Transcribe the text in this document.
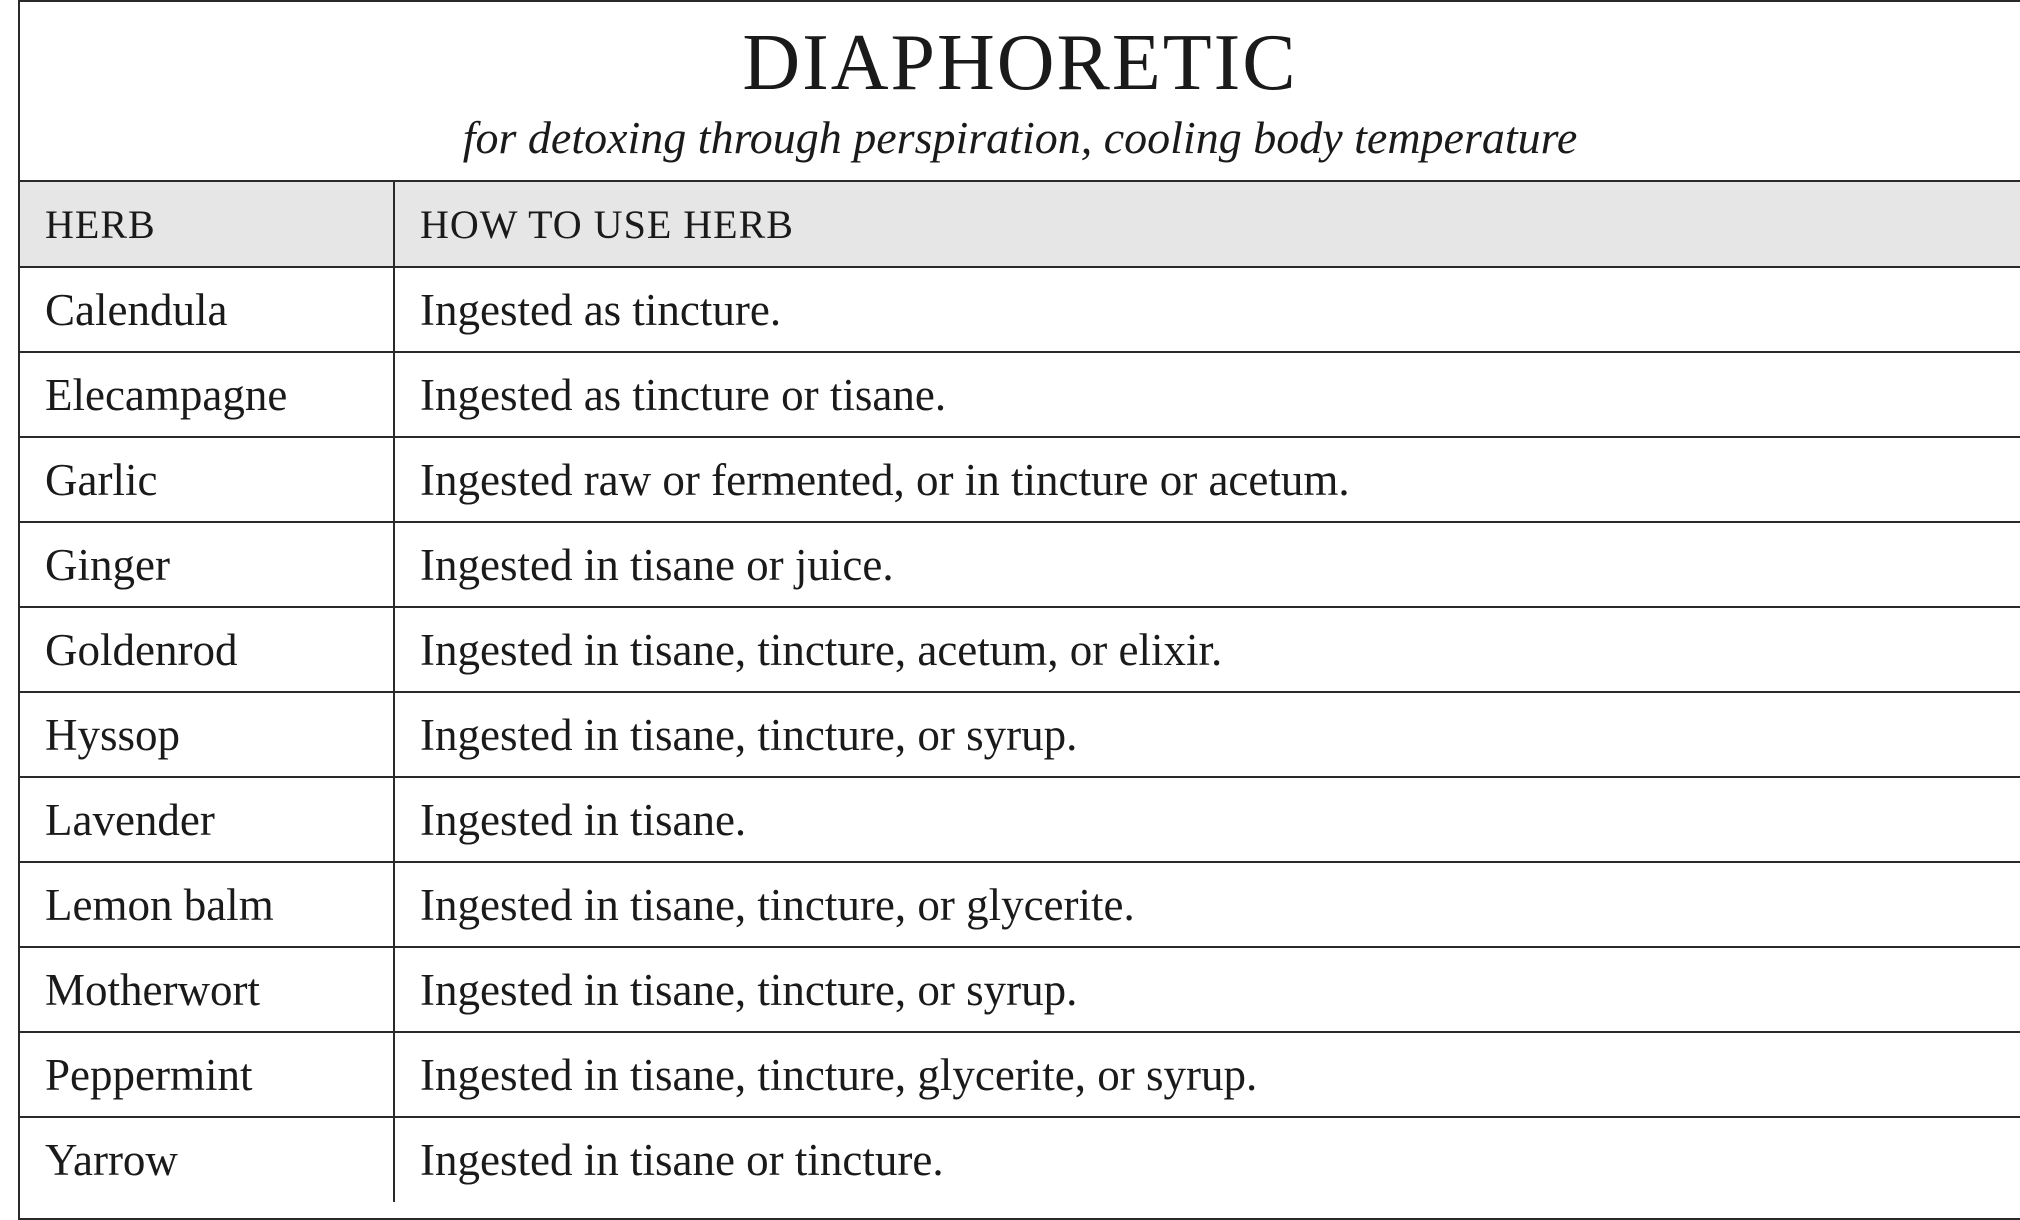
DIAPHORETIC
for detoxing through perspiration, cooling body temperature
HERB	HOW TO USE HERB
Calendula	Ingested as tincture.
Elecampagne	Ingested as tincture or tisane.
Garlic	Ingested raw or fermented, or in tincture or acetum.
Ginger	Ingested in tisane or juice.
Goldenrod	Ingested in tisane, tincture, acetum, or elixir.
Hyssop	Ingested in tisane, tincture, or syrup.
Lavender	Ingested in tisane.
Lemon balm	Ingested in tisane, tincture, or glycerite.
Motherwort	Ingested in tisane, tincture, or syrup.
Peppermint	Ingested in tisane, tincture, glycerite, or syrup.
Yarrow	Ingested in tisane or tincture.
